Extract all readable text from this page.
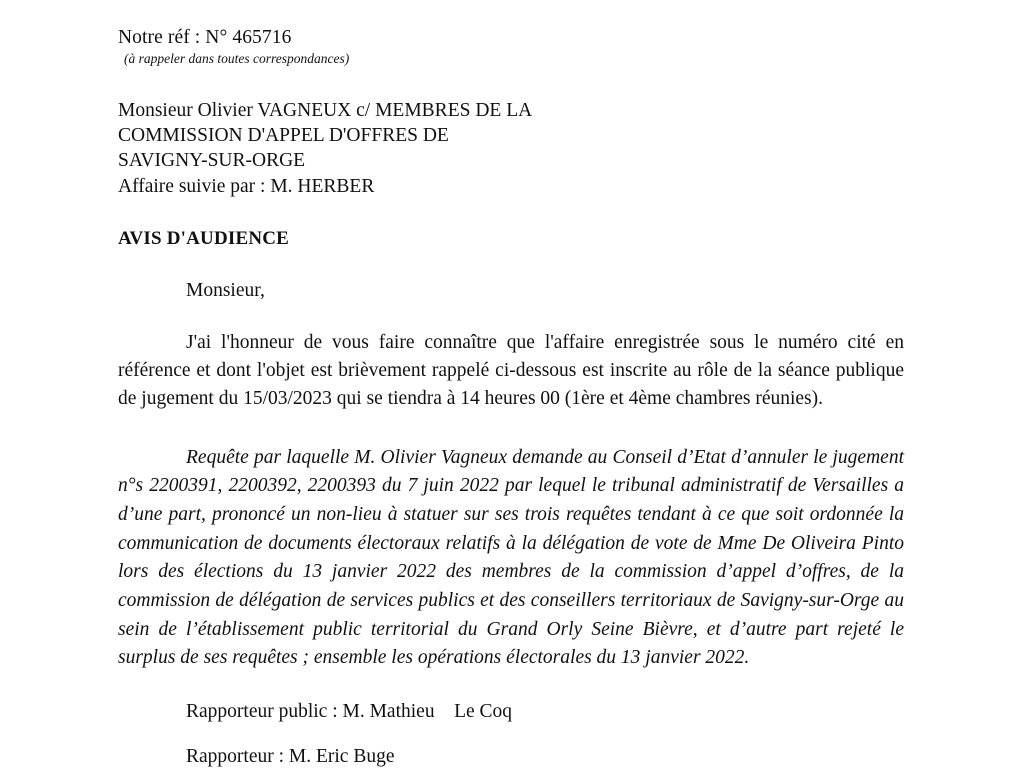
Notre réf : N° 465716
(à rappeler dans toutes correspondances)
Monsieur Olivier VAGNEUX c/ MEMBRES DE LA
COMMISSION D'APPEL D'OFFRES DE
SAVIGNY-SUR-ORGE
Affaire suivie par : M. HERBER
AVIS D'AUDIENCE
Monsieur,
J'ai l'honneur de vous faire connaître que l'affaire enregistrée sous le numéro cité en référence et dont l'objet est brièvement rappelé ci-dessous est inscrite au rôle de la séance publique de jugement du 15/03/2023 qui se tiendra à 14 heures 00 (1ère et 4ème chambres réunies).
Requête par laquelle M. Olivier Vagneux demande au Conseil d’Etat d’annuler le jugement n°s 2200391, 2200392, 2200393 du 7 juin 2022 par lequel le tribunal administratif de Versailles a d’une part, prononcé un non-lieu à statuer sur ses trois requêtes tendant à ce que soit ordonnée la communication de documents électoraux relatifs à la délégation de vote de Mme De Oliveira Pinto lors des élections du 13 janvier 2022 des membres de la commission d’appel d’offres, de la commission de délégation de services publics et des conseillers territoriaux de Savigny-sur-Orge au sein de l’établissement public territorial du Grand Orly Seine Bièvre, et d’autre part rejeté le surplus de ses requêtes ; ensemble les opérations électorales du 13 janvier 2022.
Rapporteur public : M. Mathieu    Le Coq
Rapporteur : M. Eric Buge
